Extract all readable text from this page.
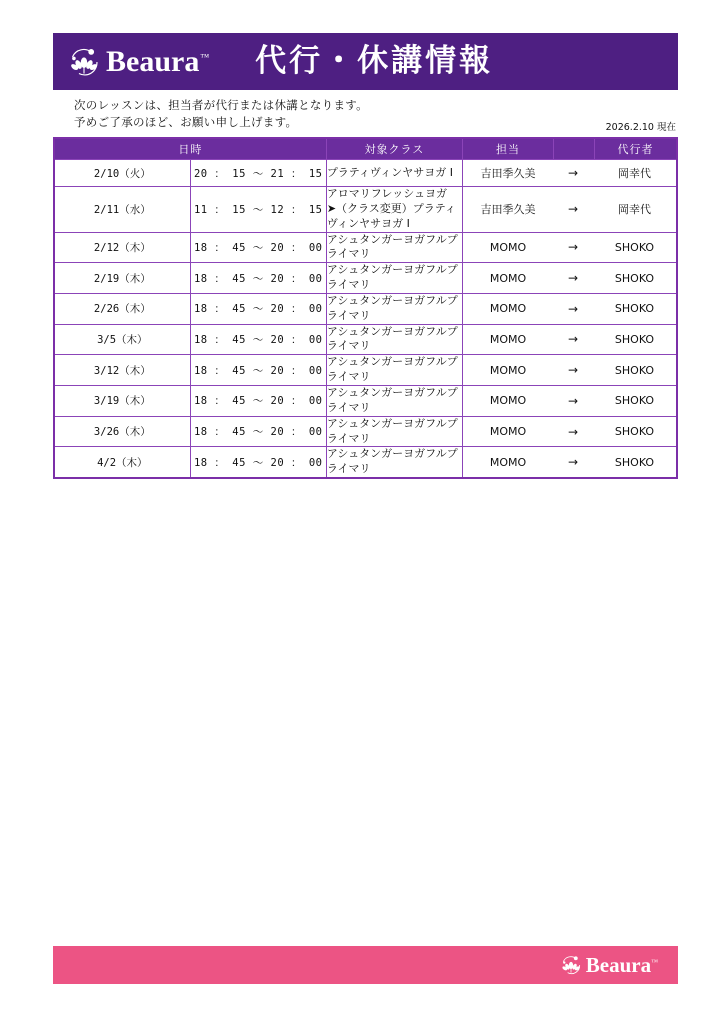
Beaura™ 代行・休講情報
次のレッスンは、担当者が代行または休講となります。
予めご了承のほど、お願い申し上げます。	2026.2.10 現在
日時		対象クラス	担当		代行者
2/10（火）	20 ： 15 ～ 21 ： 15	プラティヴィンヤサヨガ Ⅰ	吉田季久美 → 岡幸代		

2/11（水）	11 ： 15 ～ 12 ： 15	アロマリフレッシュヨガ
➤（クラス変更）プラティヴィンヤサヨガ Ⅰ	吉田季久美 → 岡幸代		

2/12（木）	18 ： 45 ～ 20 ： 00	アシュタンガーヨガフルプライマリ	MOMO → SHOKO		

2/19（木）	18 ： 45 ～ 20 ： 00	アシュタンガーヨガフルプライマリ	MOMO → SHOKO		

2/26（木）	18 ： 45 ～ 20 ： 00	アシュタンガーヨガフルプライマリ	MOMO → SHOKO		

3/5（木）	18 ： 45 ～ 20 ： 00	アシュタンガーヨガフルプライマリ	MOMO → SHOKO		

3/12（木）	18 ： 45 ～ 20 ： 00	アシュタンガーヨガフルプライマリ	MOMO → SHOKO		

3/19（木）	18 ： 45 ～ 20 ： 00	アシュタンガーヨガフルプライマリ	MOMO → SHOKO		

3/26（木）	18 ： 45 ～ 20 ： 00	アシュタンガーヨガフルプライマリ	MOMO → SHOKO		

4/2（木）	18 ： 45 ～ 20 ： 00	アシュタンガーヨガフルプライマリ	MOMO → SHOKO		
Beaura™
